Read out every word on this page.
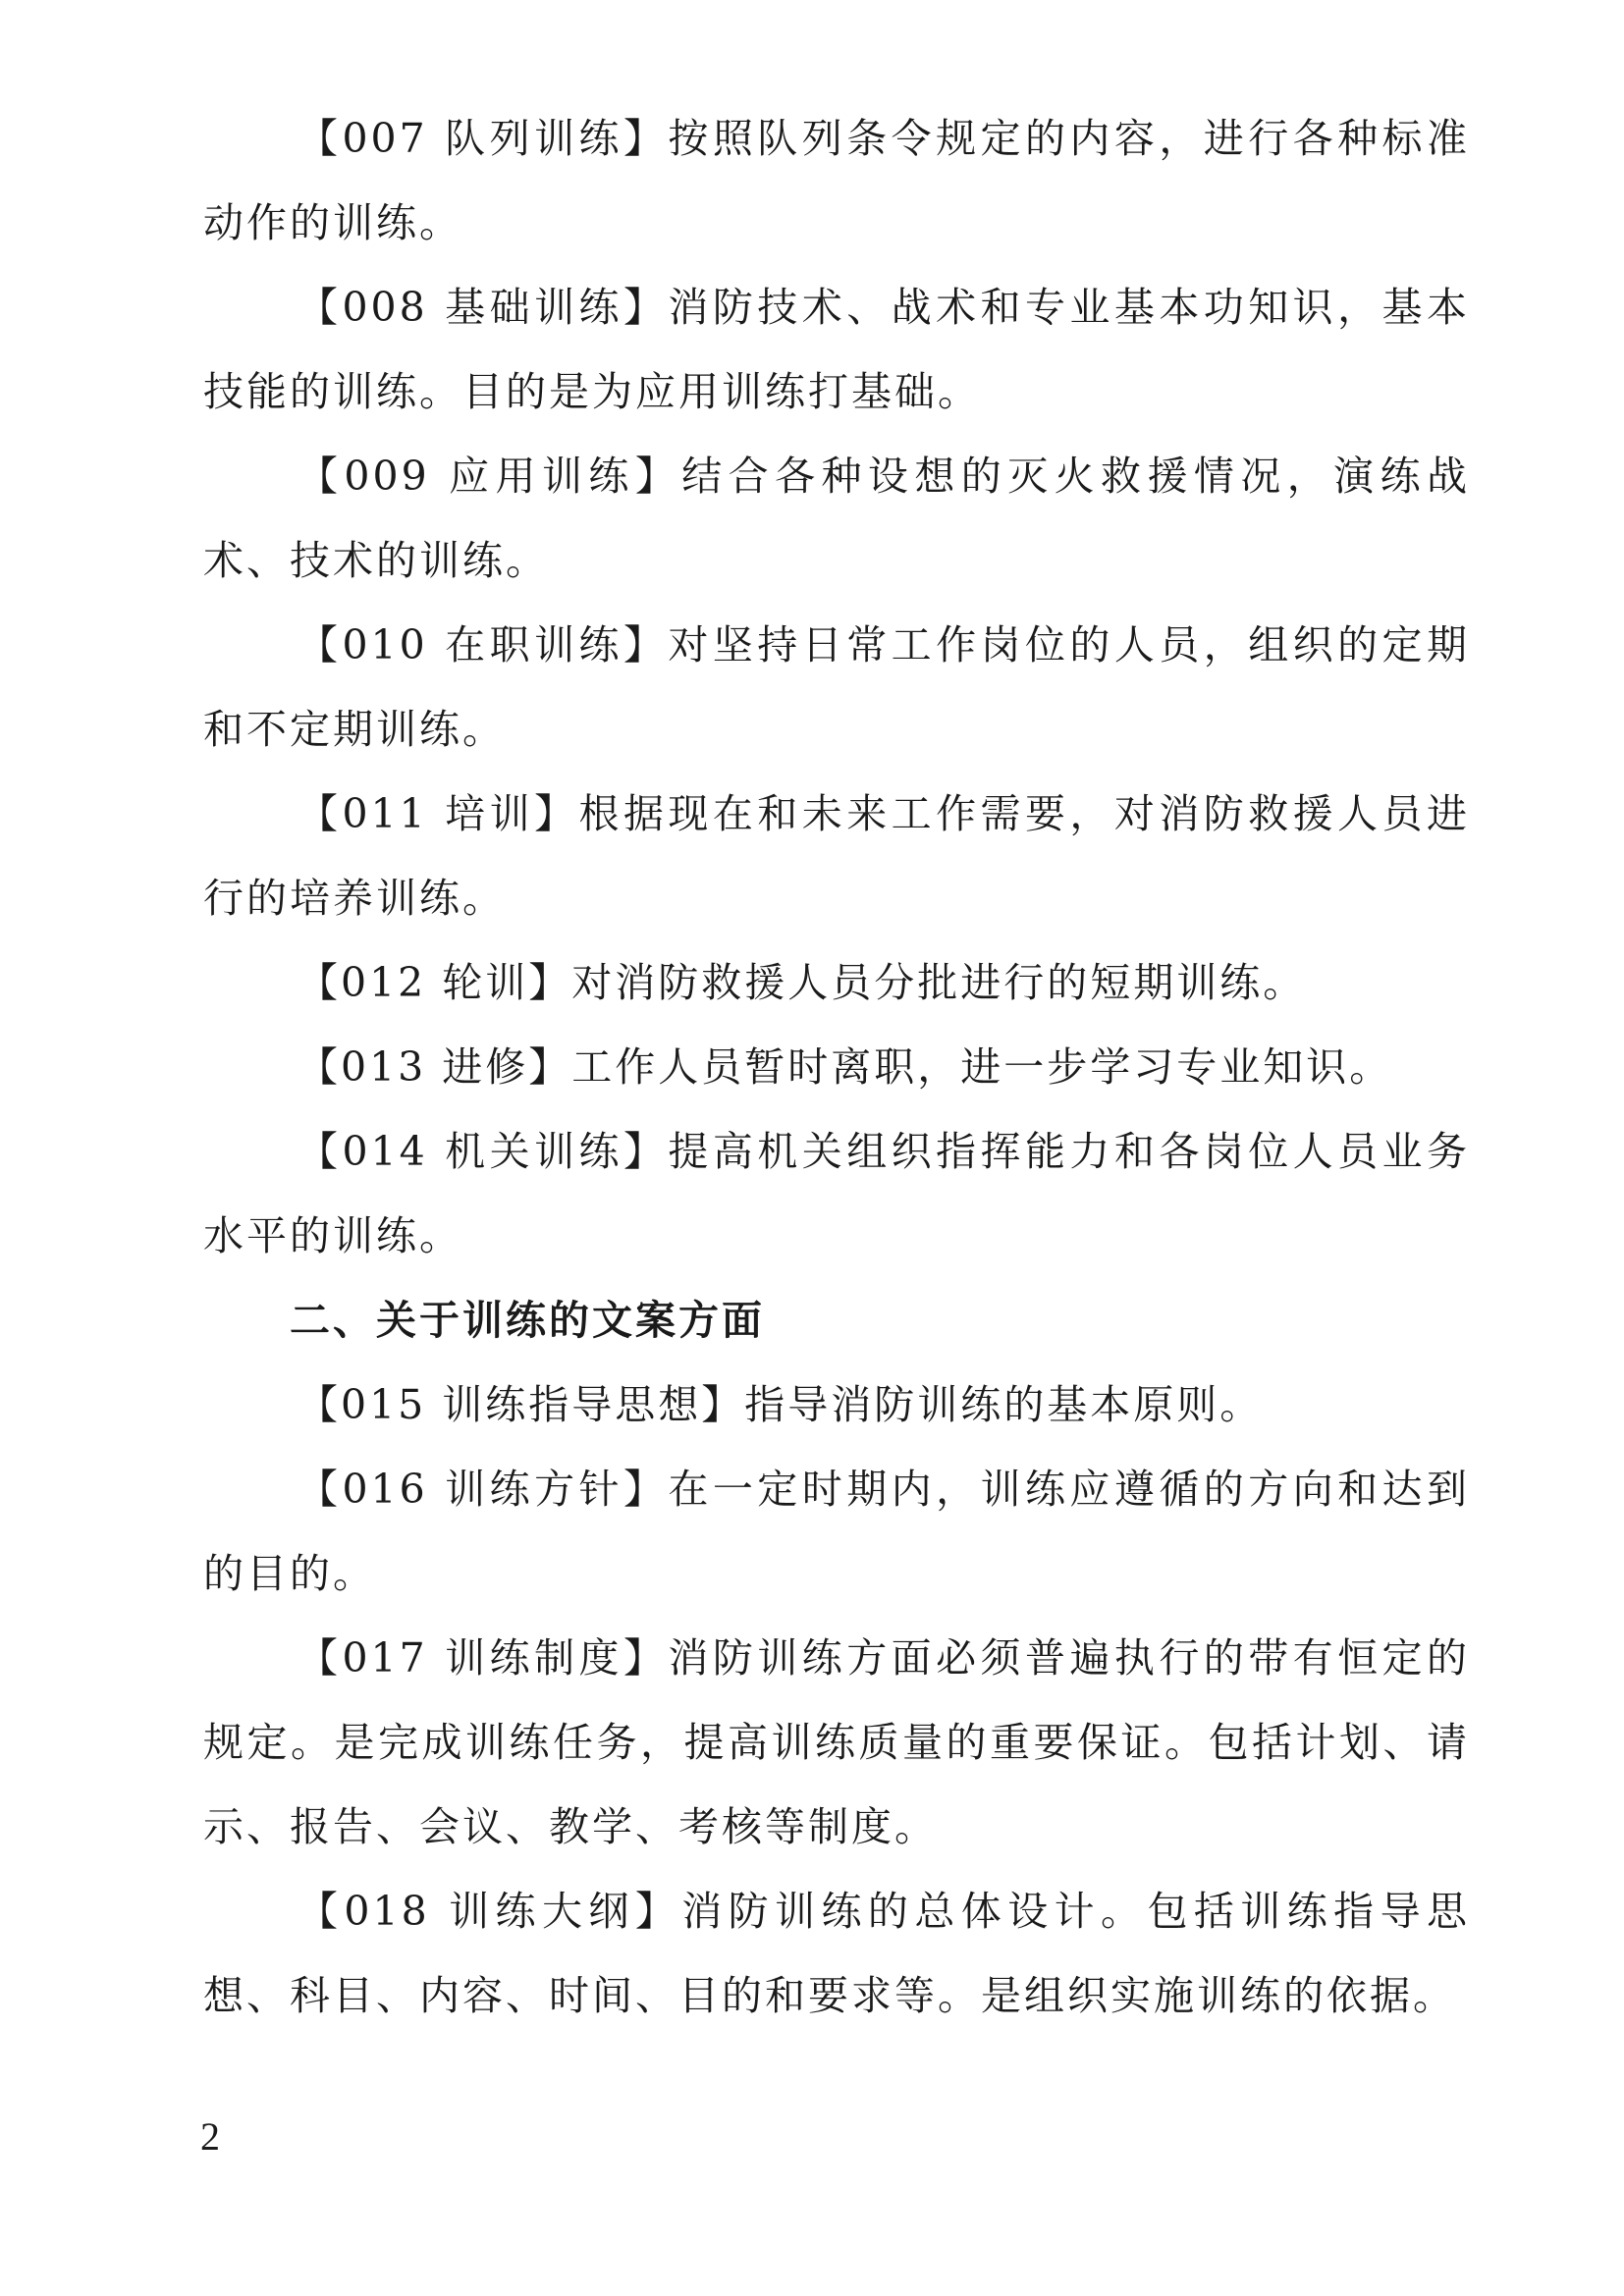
【007 队列训练】按照队列条令规定的内容，进行各种标准动作的训练。

【008 基础训练】消防技术、战术和专业基本功知识，基本技能的训练。目的是为应用训练打基础。

【009 应用训练】结合各种设想的灭火救援情况，演练战术、技术的训练。

【010 在职训练】对坚持日常工作岗位的人员，组织的定期和不定期训练。

【011 培训】根据现在和未来工作需要，对消防救援人员进行的培养训练。

【012 轮训】对消防救援人员分批进行的短期训练。

【013 进修】工作人员暂时离职，进一步学习专业知识。

【014 机关训练】提高机关组织指挥能力和各岗位人员业务水平的训练。

二、关于训练的文案方面

【015 训练指导思想】指导消防训练的基本原则。

【016 训练方针】在一定时期内，训练应遵循的方向和达到的目的。

【017 训练制度】消防训练方面必须普遍执行的带有恒定的规定。是完成训练任务，提高训练质量的重要保证。包括计划、请示、报告、会议、教学、考核等制度。

【018 训练大纲】消防训练的总体设计。包括训练指导思想、科目、内容、时间、目的和要求等。是组织实施训练的依据。

2
